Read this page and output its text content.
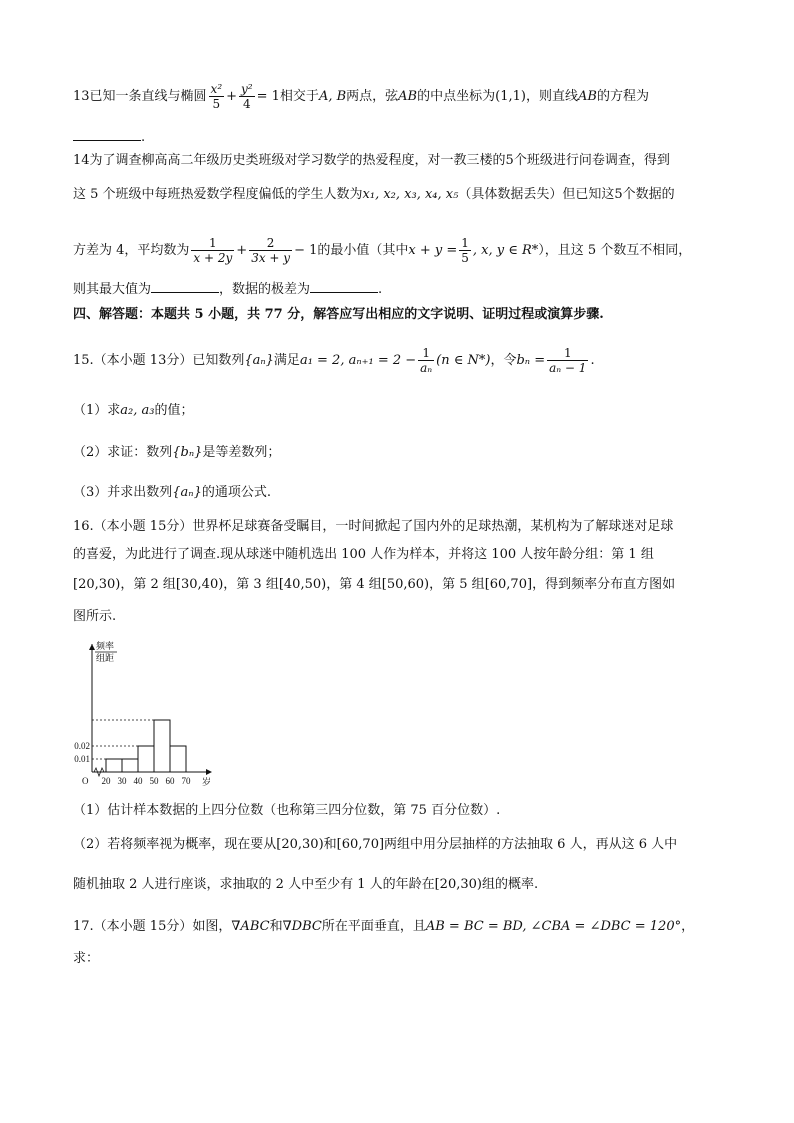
13已知一条直线与椭圆 $\frac{\text{x²}}{5} + \frac{\text{y²}}{4} = 1$相交于A, B两点，弦AB的中点坐标为(1,1)，则直线AB的方程为
.
14为了调查柳高高二年级历史类班级对学习数学的热爱程度，对一教三楼的5个班级进行问卷调查，得到
这 5 个班级中每班热爱数学程度偏低的学生人数为x₁, x₂, x₃, x₄, x₅（具体数据丢失）但已知这5个数据的
方差为 4，平均数为 $\frac{1}{x + 2y} + \frac{2}{3x + y} - 1$的最小值（其中$x + y = \frac{1}{5}$ , x, y ∈ R*），且这 5 个数互不相同，
则其最大值为	，数据的极差为	.
四、解答题：本题共 5 小题，共 77 分，解答应写出相应的文字说明、证明过程或演算步骤.
15.（本小题 13分）已知数列{aₙ}满足a₁ = 2, $a_{n+1} = 2 - \frac{1}{\text{aₙ}} (n$ ∈ N*)，令$b_n = \frac{1}{\text{aₙ − 1}}$ .
（1）求a₂, a₃的值；
（2）求证：数列{bₙ}是等差数列；
（3）并求出数列{aₙ}的通项公式.
16.（本小题 15分）世界杯足球赛备受瞩目，一时间掀起了国内外的足球热潮，某机构为了解球迷对足球
的喜爱，为此进行了调查.现从球迷中随机选出 100 人作为样本，并将这 100 人按年龄分组：第 1 组
[20,30)，第 2 组[30,40)，第 3 组[40,50)，第 4 组[50,60)，第 5 组[60,70]，得到频率分布直方图如
图所示.
频率
组距
0.01
0.02
20 30 40 50 60 70
O	岁
（1）估计样本数据的上四分位数（也称第三四分位数，第 75 百分位数）.
（2）若将频率视为概率，现在要从[20,30)和[60,70]两组中用分层抽样的方法抽取 6 人，再从这 6 人中
随机抽取 2 人进行座谈，求抽取的 2 人中至少有 1 人的年龄在[20,30)组的概率.
17.（本小题 15分）如图，∇ABC和∇DBC所在平面垂直，且AB = BC = BD, ∠CBA = ∠DBC = 120°，
求：
